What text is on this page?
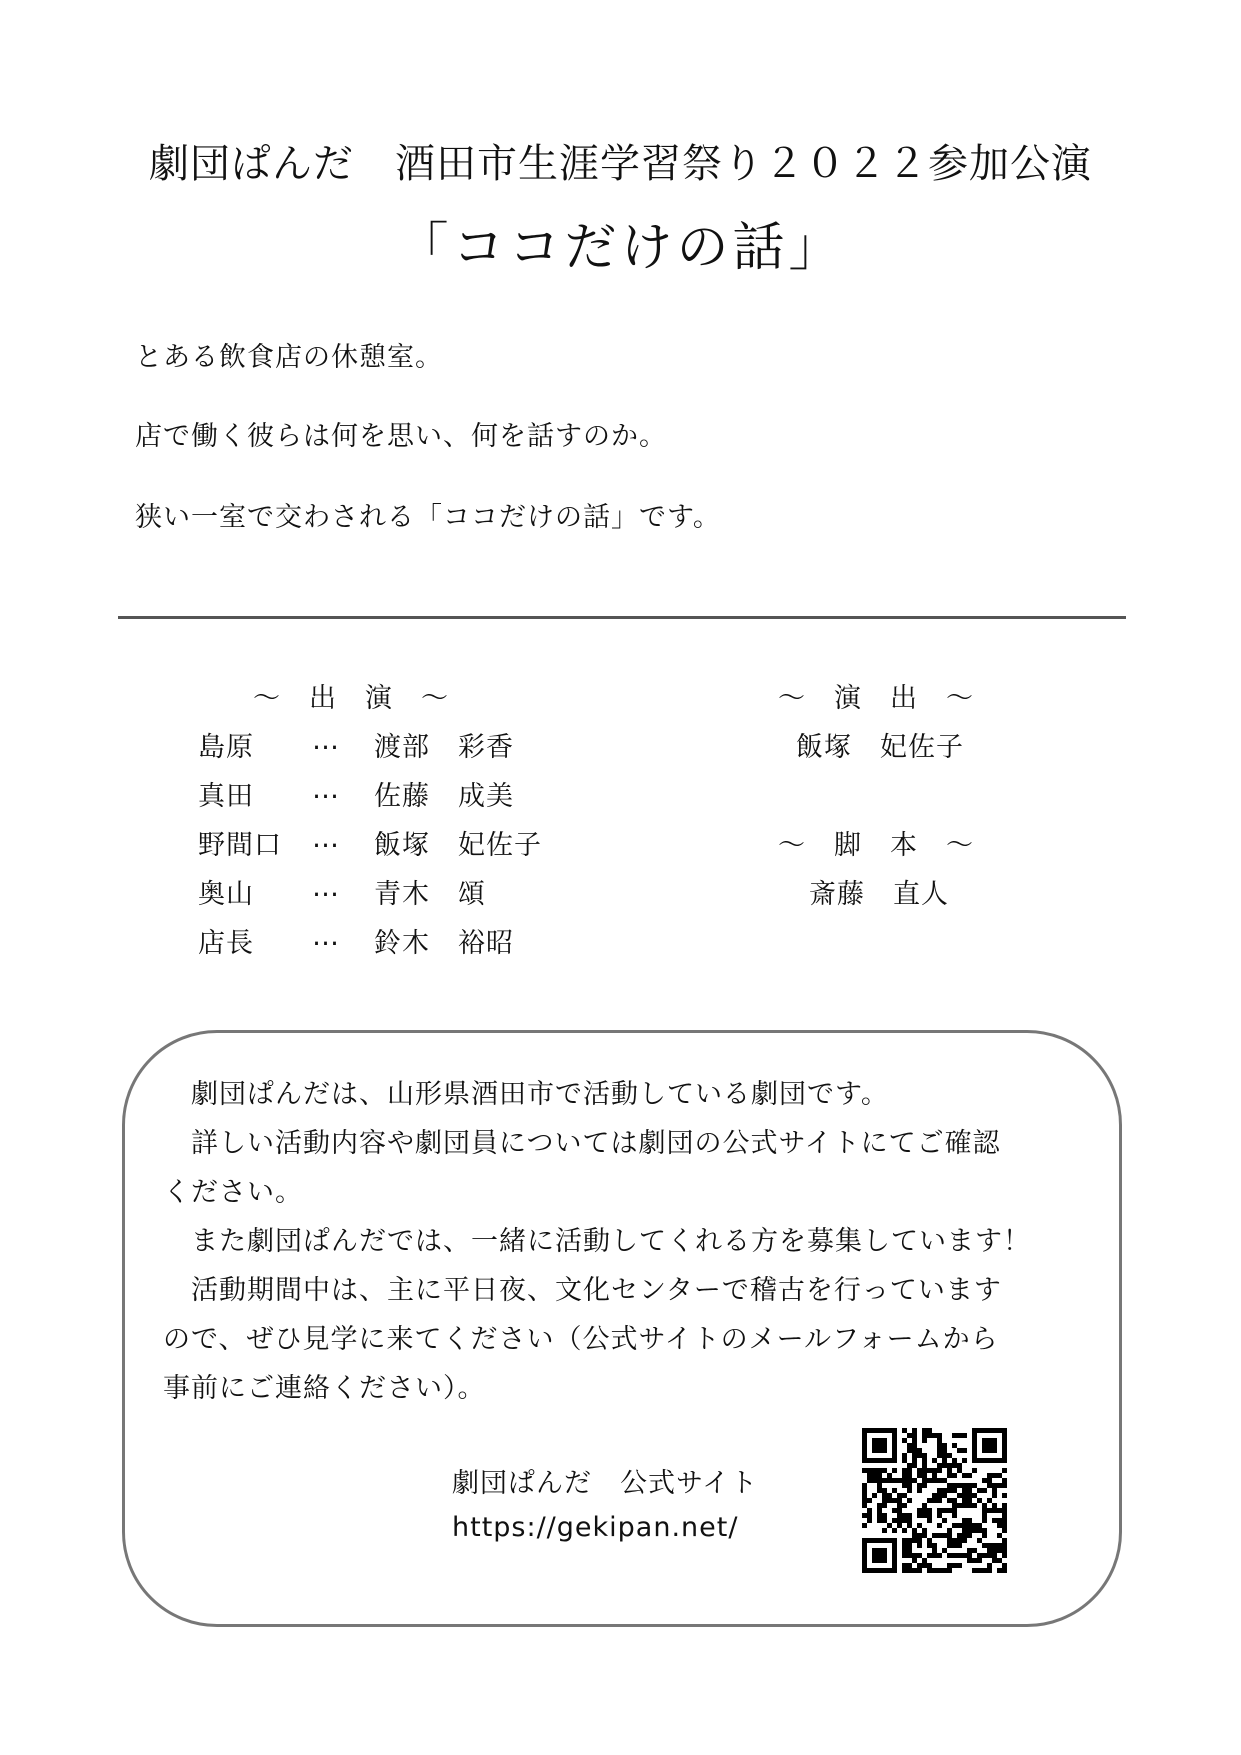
劇団ぱんだ　酒田市生涯学習祭り２０２２参加公演
「ココだけの話」
とある飲食店の休憩室。
店で働く彼らは何を思い、何を話すのか。
狭い一室で交わされる「ココだけの話」です。
～　出　演　～
島原 … 渡部　彩香
真田 … 佐藤　成美
野間口 … 飯塚　妃佐子
奥山 … 青木　頌
店長 … 鈴木　裕昭
～　演　出　～
飯塚　妃佐子
～　脚　本　～
斎藤　直人
　劇団ぱんだは、山形県酒田市で活動している劇団です。
　詳しい活動内容や劇団員については劇団の公式サイトにてご確認
ください。
　また劇団ぱんだでは、一緒に活動してくれる方を募集しています！
　活動期間中は、主に平日夜、文化センターで稽古を行っています
ので、ぜひ見学に来てください（公式サイトのメールフォームから
事前にご連絡ください）。
劇団ぱんだ　公式サイト
https://gekipan.net/
